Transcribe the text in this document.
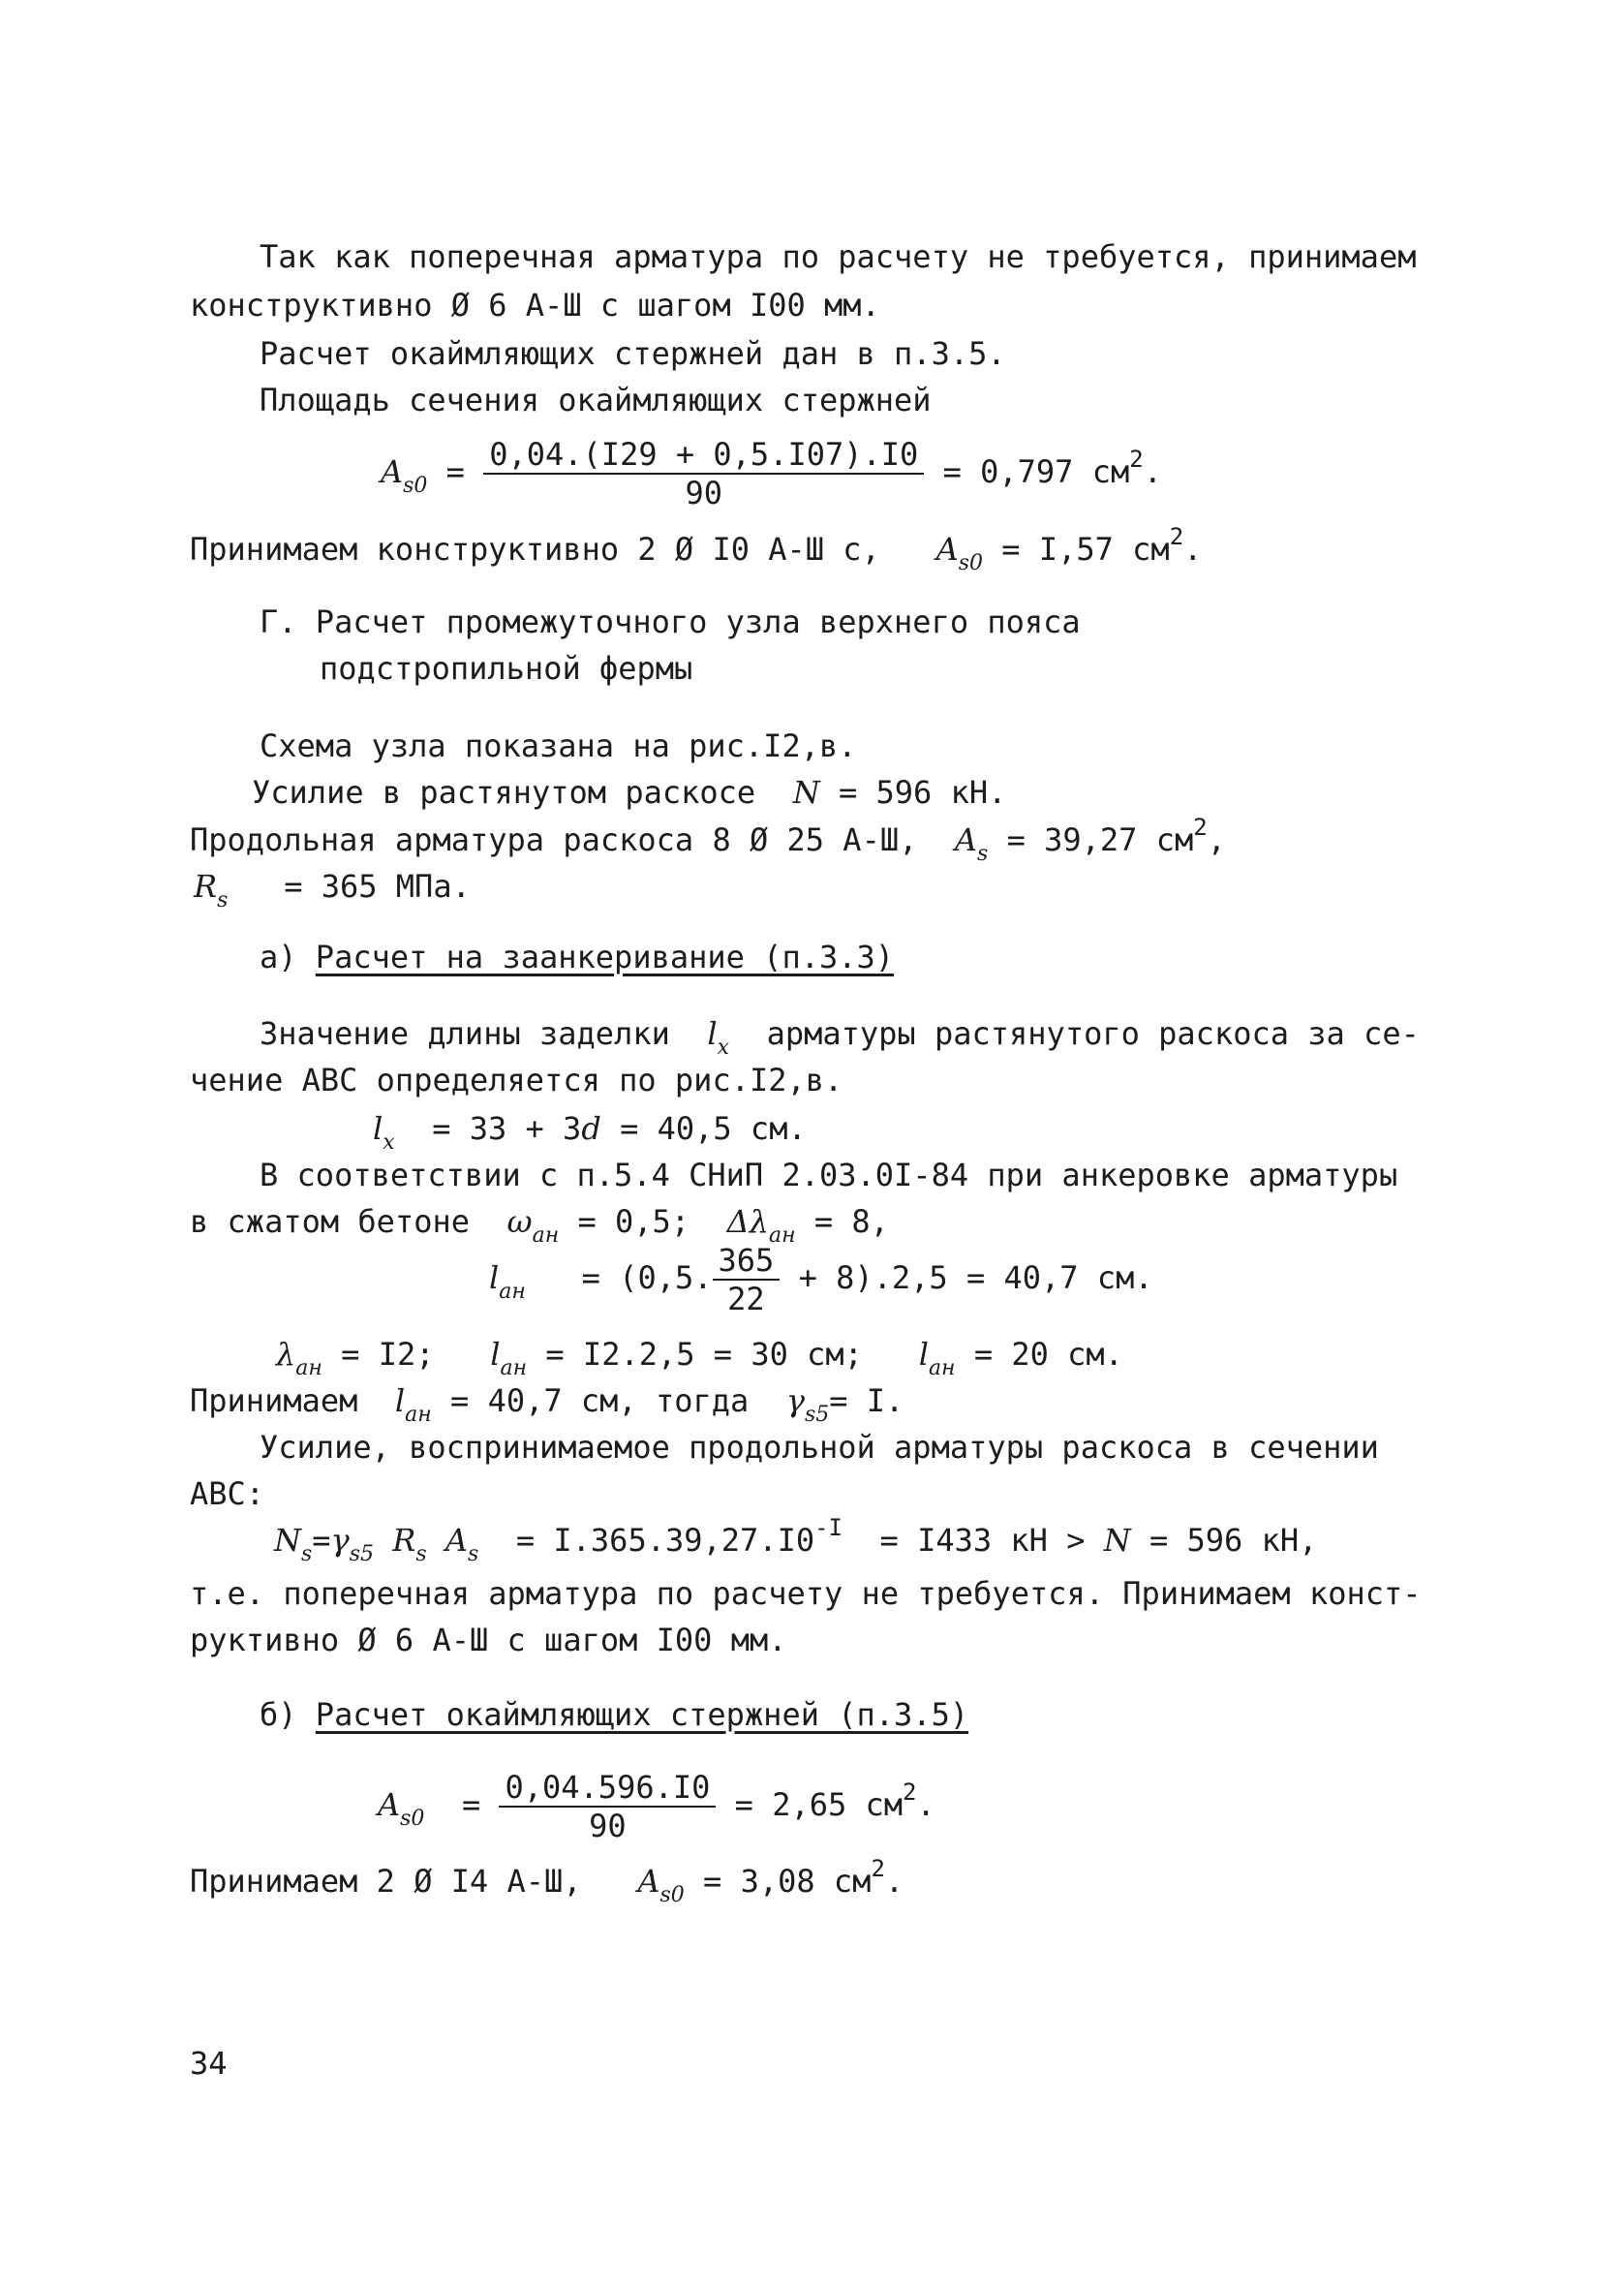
Так как поперечная арматура по расчету не требуется, принимаем
конструктивно Ø 6 А-Ш с шагом I00 мм.
Расчет окаймляющих стержней дан в п.3.5.
Площадь сечения окаймляющих стержней
$A_{s0} = \frac{0,04.(I29 + 0,5.I07).I0}{90} = 0,797$ $см^2$.
Принимаем конструктивно 2 Ø I0 А-Ш с, $A_{s0} = I,57$ $см^2$.
Г. Расчет промежуточного узла верхнего пояса
подстропильной фермы
Схема узла показана на рис.I2,в.
Усилие в растянутом раскосе N = 596 кН.
Продольная арматура раскоса 8 Ø 25 А-Ш, $A_s = 39,27$ $см^2$,
$R_s = 365$ МПа.
а) Расчет на заанкеривание (п.3.3)
Значение длины заделки $l_x$ арматуры растянутого раскоса за се-
чение ABC определяется по рис.I2,в.
$l_x = 33 + 3d = 40,5$ см.
В соответствии с п.5.4 СНиП 2.03.0I-84 при анкеровке арматуры
в сжатом бетоне $\omega_{ан} = 0,5$; $\Delta\lambda_{ан} = 8$,
$l_{ан} = (0,5$. $\frac{365}{22} + 8).2,5 = 40,7$ см.
$\lambda_{ан} = I2$; $l_{ан} = I2.2,5 = 30$ см; $l_{ан} = 20$ см.
Принимаем $l_{ан} = 40,7$ см, тогда $\gamma_{s5}= I$.
Усилие, воспринимаемое продольной арматуры раскоса в сечении
ABC:
$N_s=\gamma_{s5}$ $R_s$ $A_s = I.365.39,27.I0^{-I} = I433$ кН > N = 596 кН,
т.е. поперечная арматура по расчету не требуется. Принимаем конст-
руктивно Ø 6 А-Ш с шагом I00 мм.
б) Расчет окаймляющих стержней (п.3.5)
$A_{s0} = \frac{0,04.596.I0}{90} = 2,65$ $см^2$.
Принимаем 2 Ø I4 А-Ш, $A_{s0} = 3,08$ $см^2$.
34
